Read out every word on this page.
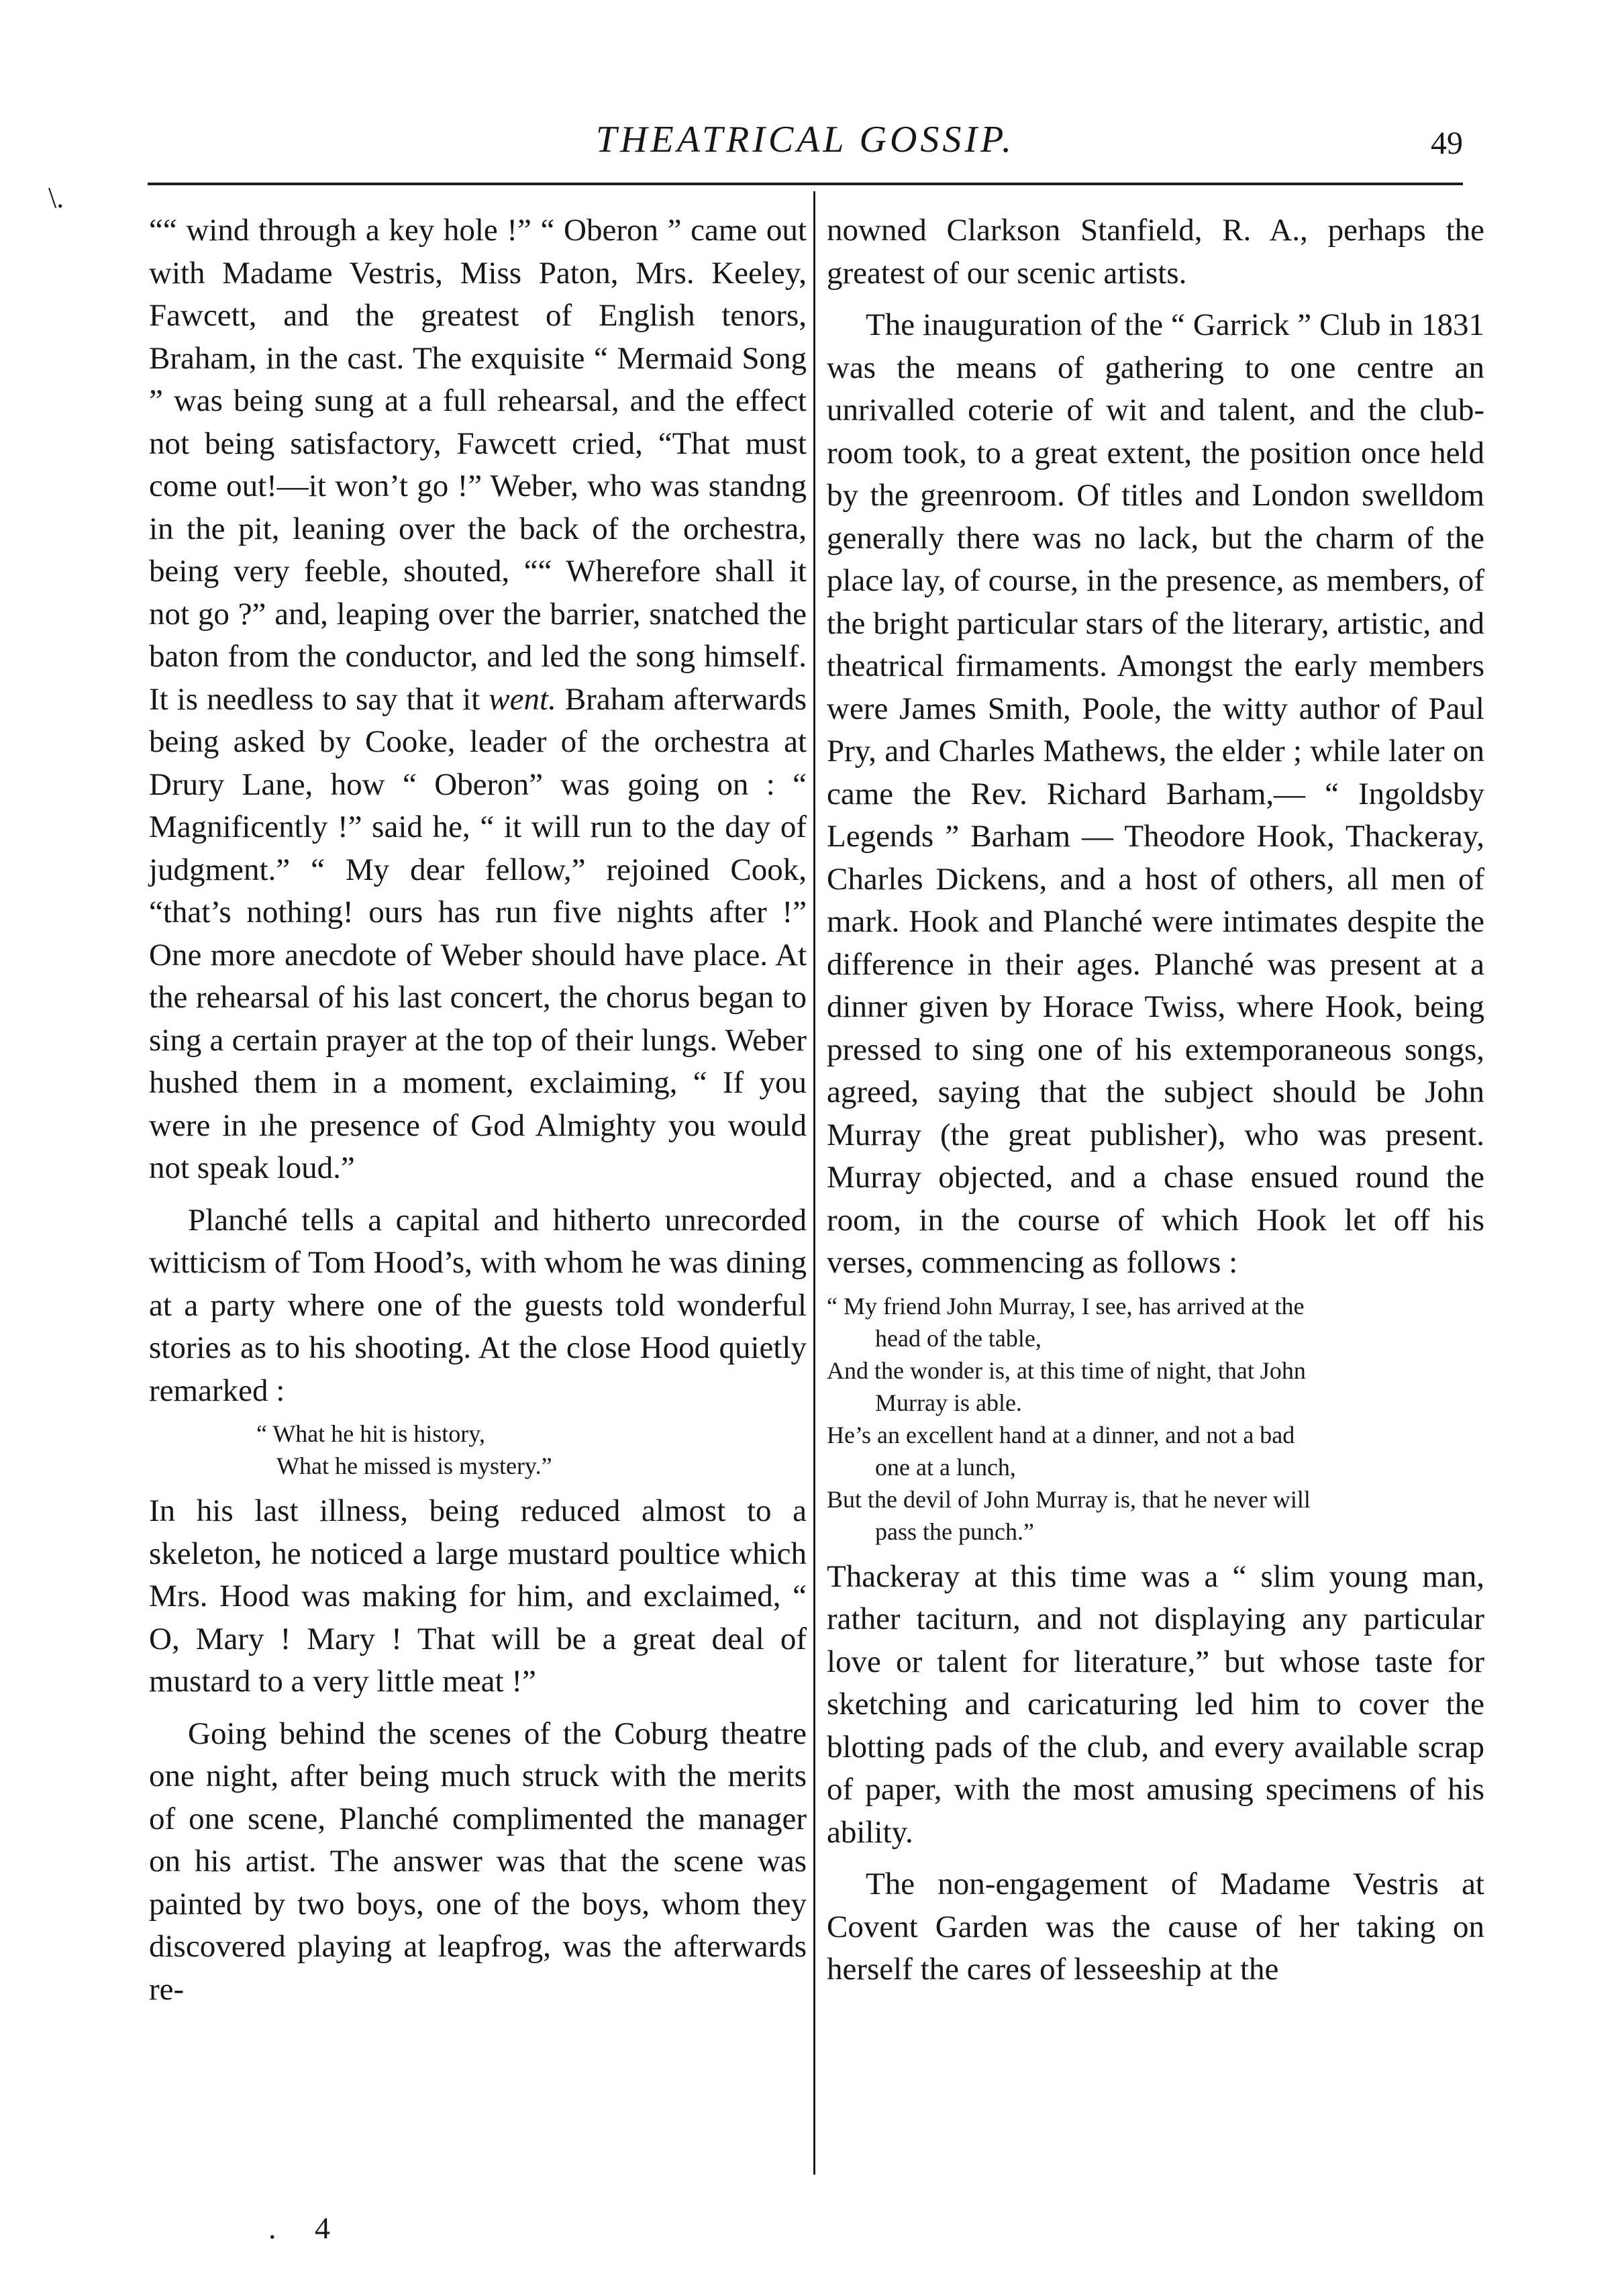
\.
THEATRICAL GOSSIP.	49

““ wind through a key hole !” “ Oberon ” came out with Madame Vestris, Miss Paton, Mrs. Keeley, Fawcett, and the greatest of English tenors, Braham, in the cast. The exquisite “ Mermaid Song ” was being sung at a full rehearsal, and the effect not being satisfactory, Fawcett cried, “That must come out!—it won’t go !” Weber, who was standng in the pit, leaning over the back of the orchestra, being very feeble, shouted, ““ Wherefore shall it not go ?” and, leaping over the barrier, snatched the baton from the conductor, and led the song himself. It is needless to say that it went. Braham afterwards being asked by Cooke, leader of the orchestra at Drury Lane, how “ Oberon” was going on : “ Magnificently !” said he, “ it will run to the day of judgment.” “ My dear fellow,” rejoined Cook, “that’s nothing! ours has run five nights after !” One more anecdote of Weber should have place. At the rehearsal of his last concert, the chorus began to sing a certain prayer at the top of their lungs. Weber hushed them in a moment, exclaiming, “ If you were in ıhe presence of God Almighty you would not speak loud.”

Planché tells a capital and hitherto unrecorded witticism of Tom Hood’s, with whom he was dining at a party where one of the guests told wonderful stories as to his shooting. At the close Hood quietly remarked :

“ What he hit is history,
What he missed is mystery.”

In his last illness, being reduced almost to a skeleton, he noticed a large mustard poultice which Mrs. Hood was making for him, and exclaimed, “ O, Mary ! Mary ! That will be a great deal of mustard to a very little meat !”

Going behind the scenes of the Coburg theatre one night, after being much struck with the merits of one scene, Planché complimented the manager on his artist. The answer was that the scene was painted by two boys, one of the boys, whom they discovered playing at leapfrog, was the afterwards re-

nowned Clarkson Stanfield, R. A., perhaps the greatest of our scenic artists.

The inauguration of the “ Garrick ” Club in 1831 was the means of gathering to one centre an unrivalled coterie of wit and talent, and the club-room took, to a great extent, the position once held by the greenroom. Of titles and London swelldom generally there was no lack, but the charm of the place lay, of course, in the presence, as members, of the bright particular stars of the literary, artistic, and theatrical firmaments. Amongst the early members were James Smith, Poole, the witty author of Paul Pry, and Charles Mathews, the elder ; while later on came the Rev. Richard Barham,— “ Ingoldsby Legends ” Barham — Theodore Hook, Thackeray, Charles Dickens, and a host of others, all men of mark. Hook and Planché were intimates despite the difference in their ages. Planché was present at a dinner given by Horace Twiss, where Hook, being pressed to sing one of his extemporaneous songs, agreed, saying that the subject should be John Murray (the great publisher), who was present. Murray objected, and a chase ensued round the room, in the course of which Hook let off his verses, commencing as follows :

“ My friend John Murray, I see, has arrived at the
head of the table,
And the wonder is, at this time of night, that John
Murray is able.
He’s an excellent hand at a dinner, and not a bad
one at a lunch,
But the devil of John Murray is, that he never will
pass the punch.”

Thackeray at this time was a “ slim young man, rather taciturn, and not displaying any particular love or talent for literature,” but whose taste for sketching and caricaturing led him to cover the blotting pads of the club, and every available scrap of paper, with the most amusing specimens of his ability.

The non-engagement of Madame Vestris at Covent Garden was the cause of her taking on herself the cares of lesseeship at the

. 4
